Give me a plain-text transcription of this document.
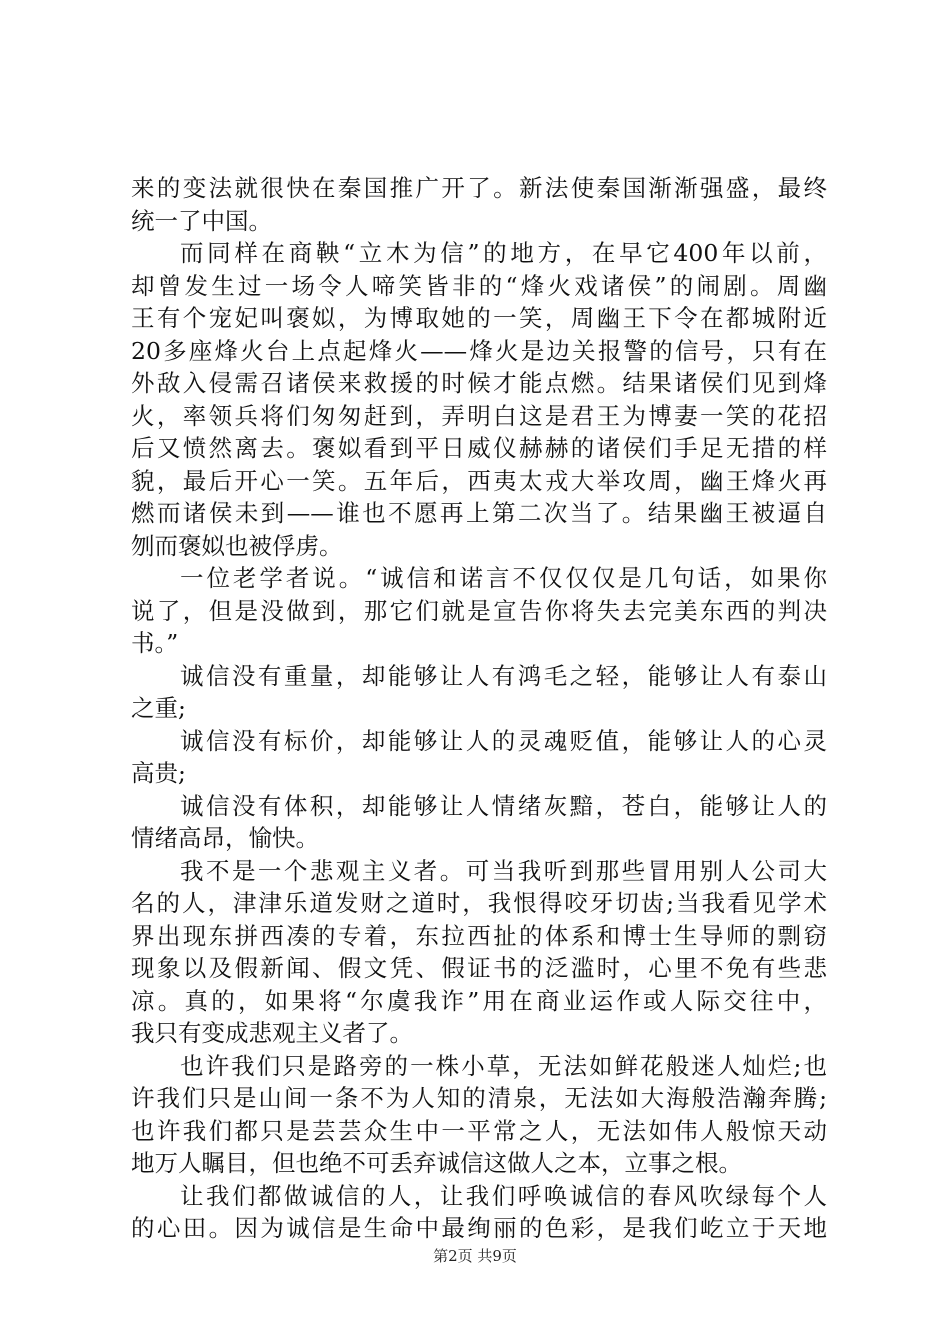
来的变法就很快在秦国推广开了。新法使秦国渐渐强盛，最终
统一了中国。
而同样在商鞅“立木为信”的地方，在早它400年以前，
却曾发生过一场令人啼笑皆非的“烽火戏诸侯”的闹剧。周幽
王有个宠妃叫褒姒，为博取她的一笑，周幽王下令在都城附近
20多座烽火台上点起烽火——烽火是边关报警的信号，只有在
外敌入侵需召诸侯来救援的时候才能点燃。结果诸侯们见到烽
火，率领兵将们匆匆赶到，弄明白这是君王为博妻一笑的花招
后又愤然离去。褒姒看到平日威仪赫赫的诸侯们手足无措的样
貌，最后开心一笑。五年后，西夷太戎大举攻周，幽王烽火再
燃而诸侯未到——谁也不愿再上第二次当了。结果幽王被逼自
刎而褒姒也被俘虏。
一位老学者说。“诚信和诺言不仅仅仅是几句话，如果你
说了，但是没做到，那它们就是宣告你将失去完美东西的判决
书。”
诚信没有重量，却能够让人有鸿毛之轻，能够让人有泰山
之重;
诚信没有标价，却能够让人的灵魂贬值，能够让人的心灵
高贵;
诚信没有体积，却能够让人情绪灰黯，苍白，能够让人的
情绪高昂，愉快。
我不是一个悲观主义者。可当我听到那些冒用别人公司大
名的人，津津乐道发财之道时，我恨得咬牙切齿;当我看见学术
界出现东拼西凑的专着，东拉西扯的体系和博士生导师的剽窃
现象以及假新闻、假文凭、假证书的泛滥时，心里不免有些悲
凉。真的，如果将“尔虞我诈”用在商业运作或人际交往中，
我只有变成悲观主义者了。
也许我们只是路旁的一株小草，无法如鲜花般迷人灿烂;也
许我们只是山间一条不为人知的清泉，无法如大海般浩瀚奔腾;
也许我们都只是芸芸众生中一平常之人，无法如伟人般惊天动
地万人瞩目，但也绝不可丢弃诚信这做人之本，立事之根。
让我们都做诚信的人，让我们呼唤诚信的春风吹绿每个人
的心田。因为诚信是生命中最绚丽的色彩，是我们屹立于天地
第2页 共9页
